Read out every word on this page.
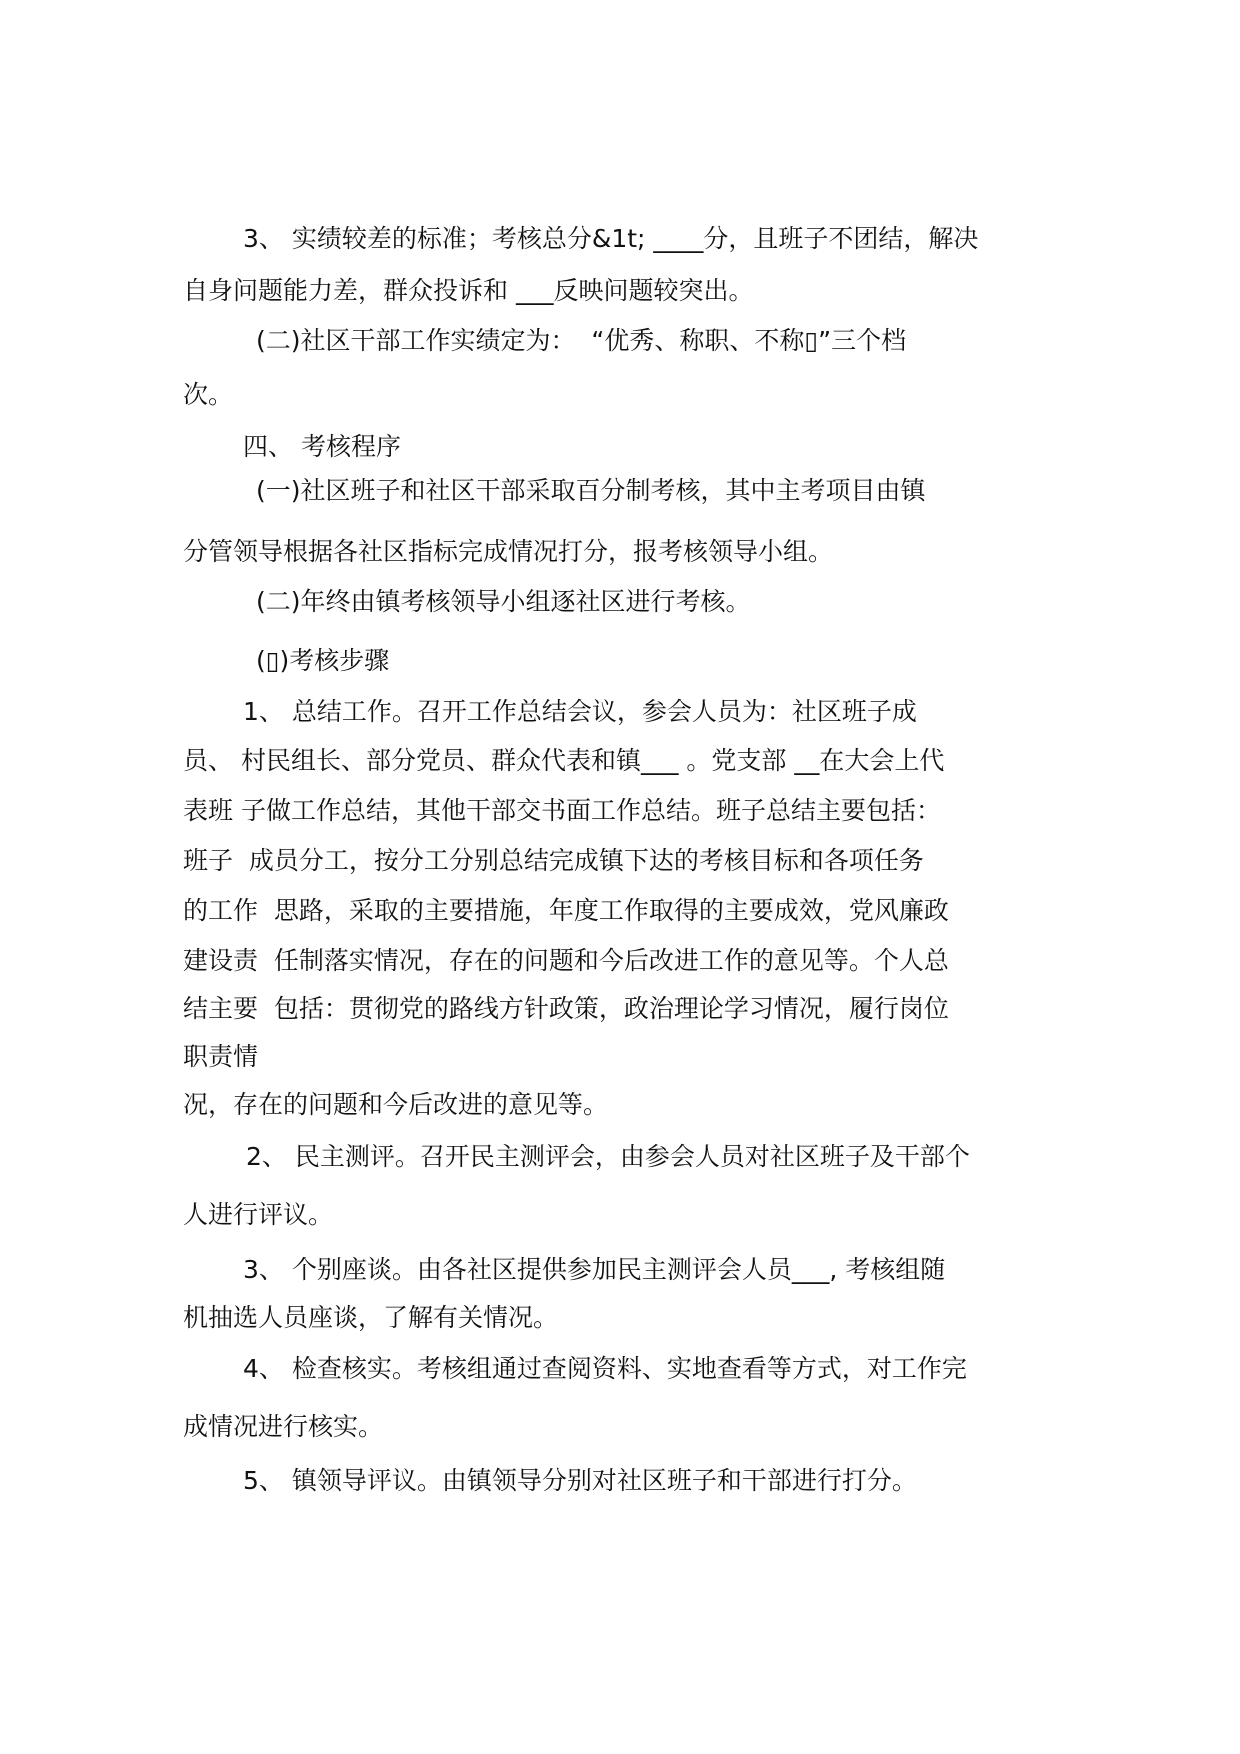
3、 实绩较差的标准；考核总分&1t; ____分，且班子不团结，解决
自身问题能力差，群众投诉和 ___反映问题较突出。
(二)社区干部工作实绩定为：  “优秀、称职、不称▯”三个档
次。
四、 考核程序
(一)社区班子和社区干部采取百分制考核，其中主考项目由镇
分管领导根据各社区指标完成情况打分，报考核领导小组。
(二)年终由镇考核领导小组逐社区进行考核。
(▯)考核步骤
1、 总结工作。召开工作总结会议，参会人员为：社区班子成
员、 村民组长、部分党员、群众代表和镇___ 。党支部 __在大会上代
表班 子做工作总结，其他干部交书面工作总结。班子总结主要包括：
班子  成员分工，按分工分别总结完成镇下达的考核目标和各项任务
的工作  思路，采取的主要措施，年度工作取得的主要成效，党风廉政
建设责  任制落实情况，存在的问题和今后改进工作的意见等。个人总
结主要  包括：贯彻党的路线方针政策，政治理论学习情况，履行岗位
职责情
况，存在的问题和今后改进的意见等。
2、 民主测评。召开民主测评会，由参会人员对社区班子及干部个
人进行评议。
3、 个别座谈。由各社区提供参加民主测评会人员___, 考核组随
机抽选人员座谈，了解有关情况。
4、 检查核实。考核组通过查阅资料、实地查看等方式，对工作完
成情况进行核实。
5、 镇领导评议。由镇领导分别对社区班子和干部进行打分。
